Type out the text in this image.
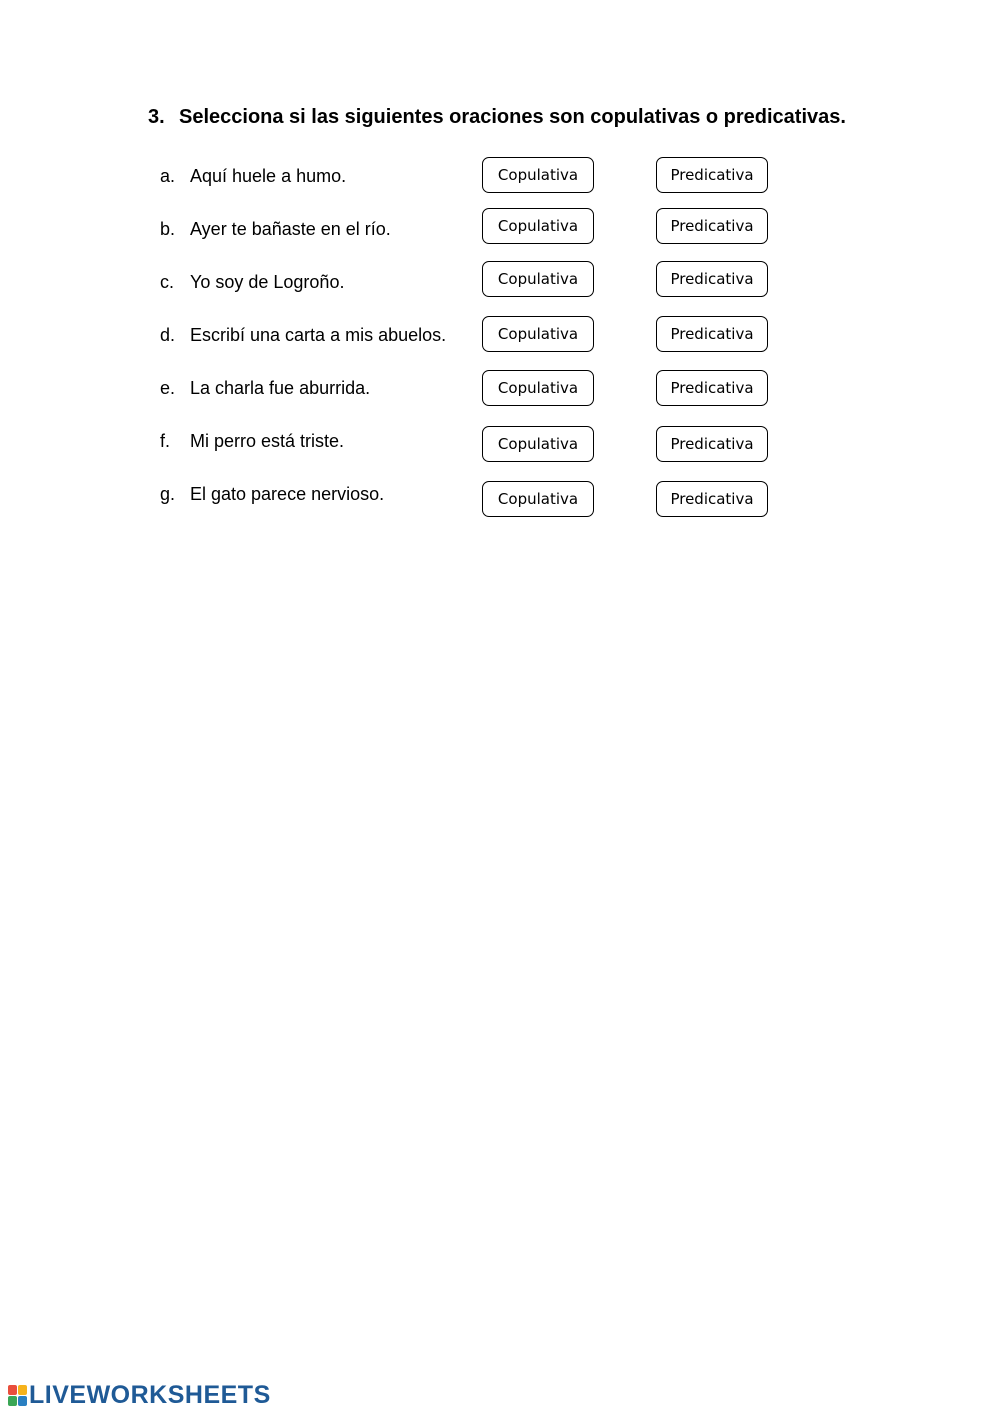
3. Selecciona si las siguientes oraciones son copulativas o predicativas.
a. Aquí huele a humo.	Copulativa	Predicativa
b. Ayer te bañaste en el río.	Copulativa	Predicativa
c. Yo soy de Logroño.	Copulativa	Predicativa
d. Escribí una carta a mis abuelos.	Copulativa	Predicativa
e. La charla fue aburrida.	Copulativa	Predicativa
f. Mi perro está triste.	Copulativa	Predicativa
g. El gato parece nervioso.	Copulativa	Predicativa
LIVEWORKSHEETS
